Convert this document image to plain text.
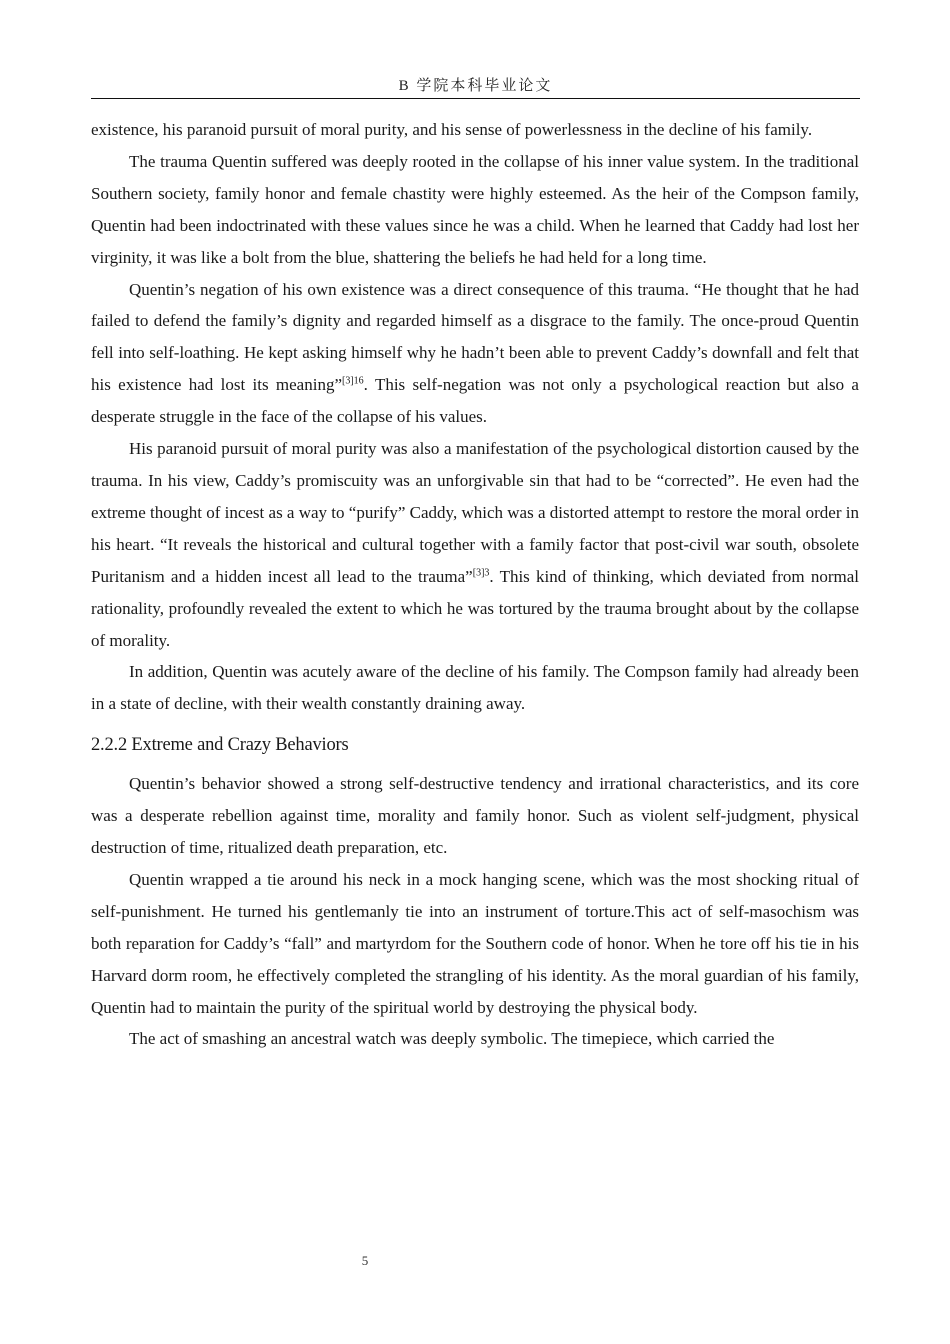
B 学院本科毕业论文

existence, his paranoid pursuit of moral purity, and his sense of powerlessness in the decline of his family.

The trauma Quentin suffered was deeply rooted in the collapse of his inner value system. In the traditional Southern society, family honor and female chastity were highly esteemed. As the heir of the Compson family, Quentin had been indoctrinated with these values since he was a child. When he learned that Caddy had lost her virginity, it was like a bolt from the blue, shattering the beliefs he had held for a long time.

Quentin’s negation of his own existence was a direct consequence of this trauma. “He thought that he had failed to defend the family’s dignity and regarded himself as a disgrace to the family. The once-proud Quentin fell into self-loathing. He kept asking himself why he hadn’t been able to prevent Caddy’s downfall and felt that his existence had lost its meaning”$^{[3]16}$. This self-negation was not only a psychological reaction but also a desperate struggle in the face of the collapse of his values.

His paranoid pursuit of moral purity was also a manifestation of the psychological distortion caused by the trauma. In his view, Caddy’s promiscuity was an unforgivable sin that had to be “corrected”. He even had the extreme thought of incest as a way to “purify” Caddy, which was a distorted attempt to restore the moral order in his heart. “It reveals the historical and cultural together with a family factor that post-civil war south, obsolete Puritanism and a hidden incest all lead to the trauma”$^{[3]3}$. This kind of thinking, which deviated from normal rationality, profoundly revealed the extent to which he was tortured by the trauma brought about by the collapse of morality.

In addition, Quentin was acutely aware of the decline of his family. The Compson family had already been in a state of decline, with their wealth constantly draining away.

2.2.2 Extreme and Crazy Behaviors

Quentin’s behavior showed a strong self-destructive tendency and irrational characteristics, and its core was a desperate rebellion against time, morality and family honor. Such as violent self-judgment, physical destruction of time, ritualized death preparation, etc.

Quentin wrapped a tie around his neck in a mock hanging scene, which was the most shocking ritual of self-punishment. He turned his gentlemanly tie into an instrument of torture.This act of self-masochism was both reparation for Caddy’s “fall” and martyrdom for the Southern code of honor. When he tore off his tie in his Harvard dorm room, he effectively completed the strangling of his identity. As the moral guardian of his family, Quentin had to maintain the purity of the spiritual world by destroying the physical body.

The act of smashing an ancestral watch was deeply symbolic. The timepiece, which carried the

5
